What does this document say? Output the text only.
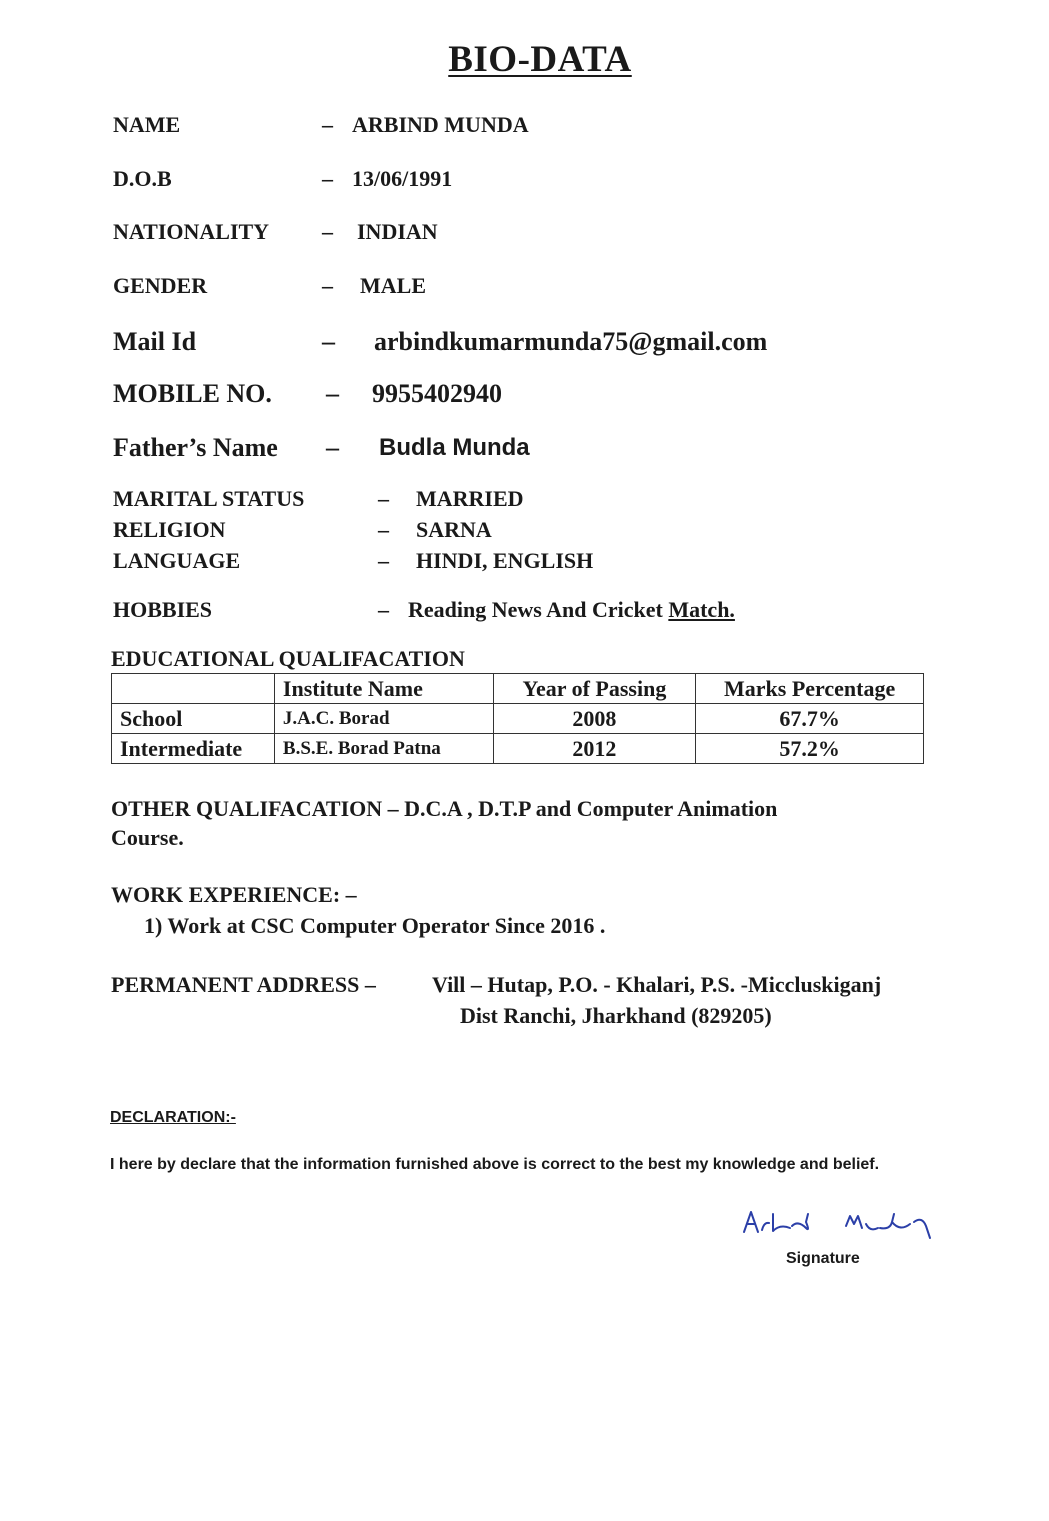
BIO-DATA
NAME	– ARBIND MUNDA
D.O.B	– 13/06/1991
NATIONALITY – INDIAN
GENDER	– MALE
Mail Id	– arbindkumarmunda75@gmail.com
MOBILE NO. – 9955402940
Father’s Name – Budla Munda
MARITAL STATUS	– MARRIED
RELIGION	– SARNA
LANGUAGE	– HINDI, ENGLISH
HOBBIES	– Reading News And Cricket Match.
EDUCATIONAL QUALIFACATION
	Institute Name	Year of Passing	Marks Percentage
School	J.A.C. Borad	2008	67.7%
Intermediate	B.S.E. Borad Patna	2012	57.2%
OTHER QUALIFACATION – D.C.A , D.T.P and Computer Animation
Course.
WORK EXPERIENCE: –
1) Work at CSC Computer Operator Since 2016 .
PERMANENT ADDRESS –	Vill – Hutap, P.O. - Khalari, P.S. -Miccluskiganj
Dist Ranchi, Jharkhand (829205)
DECLARATION:-
I here by declare that the information furnished above is correct to the best my knowledge and belief.
Signature
